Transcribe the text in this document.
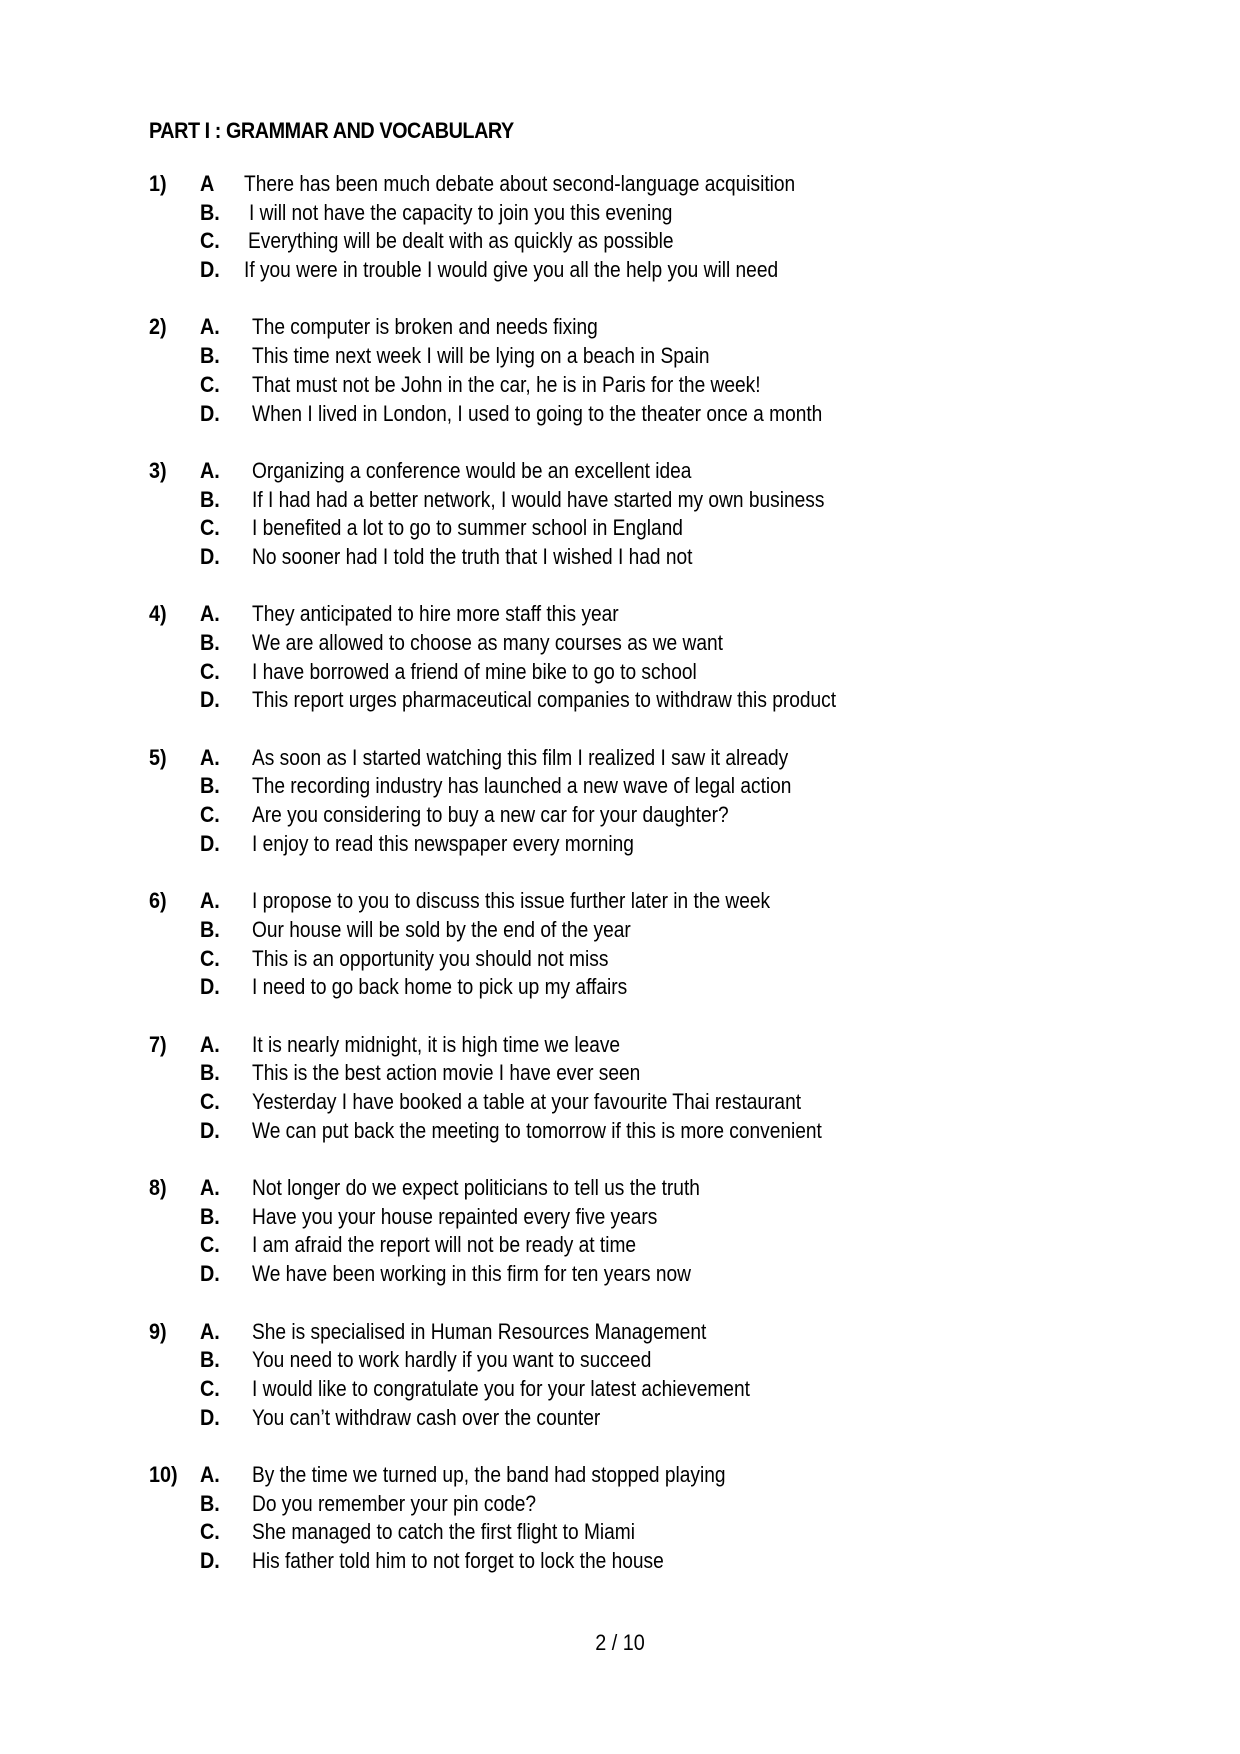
PART I : GRAMMAR AND VOCABULARY
1) A There has been much debate about second-language acquisition
B. I will not have the capacity to join you this evening
C. Everything will be dealt with as quickly as possible
D. If you were in trouble I would give you all the help you will need
2) A. The computer is broken and needs fixing
B. This time next week I will be lying on a beach in Spain
C. That must not be John in the car, he is in Paris for the week!
D. When I lived in London, I used to going to the theater once a month
3) A. Organizing a conference would be an excellent idea
B. If I had had a better network, I would have started my own business
C. I benefited a lot to go to summer school in England
D. No sooner had I told the truth that I wished I had not
4) A. They anticipated to hire more staff this year
B. We are allowed to choose as many courses as we want
C. I have borrowed a friend of mine bike to go to school
D. This report urges pharmaceutical companies to withdraw this product
5) A. As soon as I started watching this film I realized I saw it already
B. The recording industry has launched a new wave of legal action
C. Are you considering to buy a new car for your daughter?
D. I enjoy to read this newspaper every morning
6) A. I propose to you to discuss this issue further later in the week
B. Our house will be sold by the end of the year
C. This is an opportunity you should not miss
D. I need to go back home to pick up my affairs
7) A. It is nearly midnight, it is high time we leave
B. This is the best action movie I have ever seen
C. Yesterday I have booked a table at your favourite Thai restaurant
D. We can put back the meeting to tomorrow if this is more convenient
8) A. Not longer do we expect politicians to tell us the truth
B. Have you your house repainted every five years
C. I am afraid the report will not be ready at time
D. We have been working in this firm for ten years now
9) A. She is specialised in Human Resources Management
B. You need to work hardly if you want to succeed
C. I would like to congratulate you for your latest achievement
D. You can’t withdraw cash over the counter
10) A. By the time we turned up, the band had stopped playing
B. Do you remember your pin code?
C. She managed to catch the first flight to Miami
D. His father told him to not forget to lock the house
2 / 10
